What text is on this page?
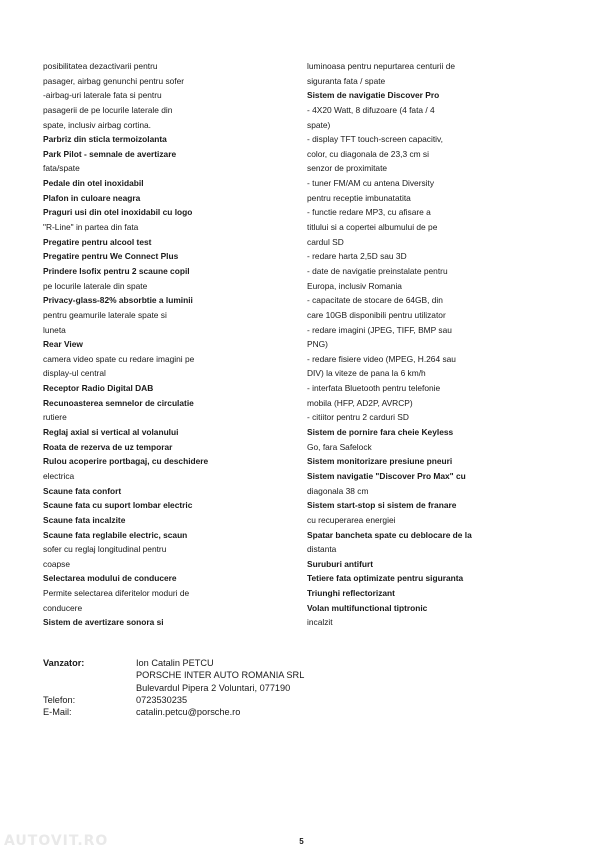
posibilitatea dezactivarii pentru
pasager, airbag genunchi pentru sofer
-airbag-uri laterale fata si pentru
pasagerii de pe locurile laterale din
spate, inclusiv airbag cortina.
Parbriz din sticla termoizolanta
Park Pilot - semnale de avertizare
fata/spate
Pedale din otel inoxidabil
Plafon in culoare neagra
Praguri usi din otel inoxidabil cu logo
"R-Line" in partea din fata
Pregatire pentru alcool test
Pregatire pentru We Connect Plus
Prindere Isofix pentru 2 scaune copil
pe locurile laterale din spate
Privacy-glass-82% absorbtie a luminii
pentru geamurile laterale spate si
luneta
Rear View
camera video spate cu redare imagini pe
display-ul central
Receptor Radio Digital DAB
Recunoasterea semnelor de circulatie
rutiere
Reglaj axial si vertical al volanului
Roata de rezerva de uz temporar
Rulou acoperire portbagaj, cu deschidere
electrica
Scaune fata confort
Scaune fata cu suport lombar electric
Scaune fata incalzite
Scaune fata reglabile electric, scaun
sofer cu reglaj longitudinal pentru
coapse
Selectarea modului de conducere
Permite selectarea diferitelor moduri de
conducere
Sistem de avertizare sonora si
luminoasa pentru nepurtarea centurii de
siguranta fata / spate
Sistem de navigatie Discover Pro
- 4X20 Watt, 8 difuzoare (4 fata / 4
spate)
- display TFT touch-screen capacitiv,
color, cu diagonala de 23,3 cm si
senzor de proximitate
- tuner FM/AM cu antena Diversity
pentru receptie imbunatatita
- functie redare MP3, cu afisare a
titlului si a copertei albumului de pe
cardul SD
- redare harta 2,5D sau 3D
- date de navigatie preinstalate pentru
Europa, inclusiv Romania
- capacitate de stocare de 64GB, din
care 10GB disponibili pentru utilizator
- redare imagini (JPEG, TIFF, BMP sau
PNG)
- redare fisiere video (MPEG, H.264 sau
DIV) la viteze de pana la 6 km/h
- interfata Bluetooth pentru telefonie
mobila (HFP, AD2P, AVRCP)
- citiitor pentru 2 carduri SD
Sistem de pornire fara cheie Keyless
Go, fara Safelock
Sistem monitorizare presiune pneuri
Sistem navigatie "Discover Pro Max" cu
diagonala 38 cm
Sistem start-stop si sistem de franare
cu recuperarea energiei
Spatar bancheta spate cu deblocare de la
distanta
Suruburi antifurt
Tetiere fata optimizate pentru siguranta
Triunghi reflectorizant
Volan multifunctional tiptronic
incalzit
Vanzator:	Ion Catalin PETCU
PORSCHE INTER AUTO ROMANIA SRL
Bulevardul Pipera 2 Voluntari, 077190
Telefon:	0723530235
E-Mail:	catalin.petcu@porsche.ro
AUTOVIT.RO	5
